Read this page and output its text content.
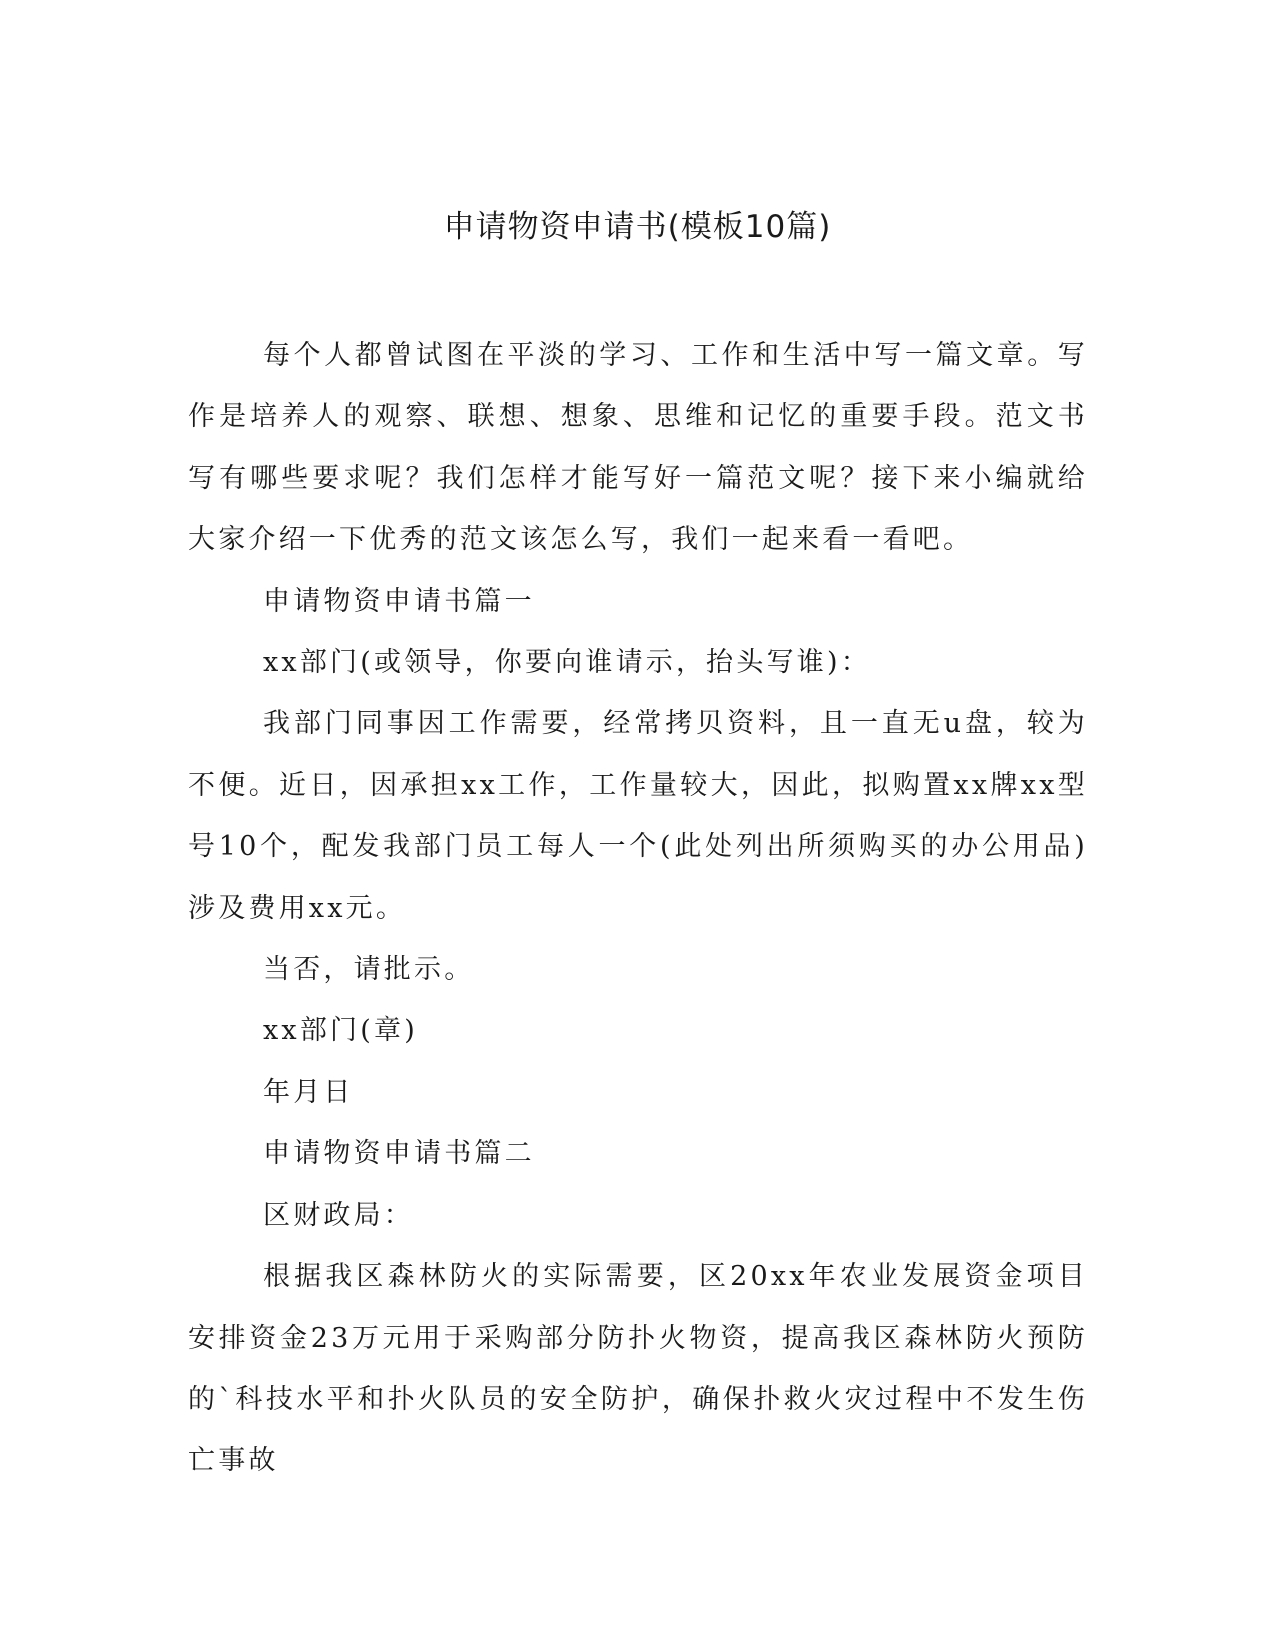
申请物资申请书(模板10篇)

每个人都曾试图在平淡的学习、工作和生活中写一篇文章。写作是培养人的观察、联想、想象、思维和记忆的重要手段。范文书写有哪些要求呢？我们怎样才能写好一篇范文呢？接下来小编就给大家介绍一下优秀的范文该怎么写，我们一起来看一看吧。

申请物资申请书篇一

xx部门(或领导，你要向谁请示，抬头写谁)：

我部门同事因工作需要，经常拷贝资料，且一直无u盘，较为不便。近日，因承担xx工作，工作量较大，因此，拟购置xx牌xx型号10个，配发我部门员工每人一个(此处列出所须购买的办公用品)涉及费用xx元。

当否，请批示。

xx部门(章)

年月日

申请物资申请书篇二

区财政局：

根据我区森林防火的实际需要，区20xx年农业发展资金项目安排资金23万元用于采购部分防扑火物资，提高我区森林防火预防的`科技水平和扑火队员的安全防护，确保扑救火灾过程中不发生伤亡事故
